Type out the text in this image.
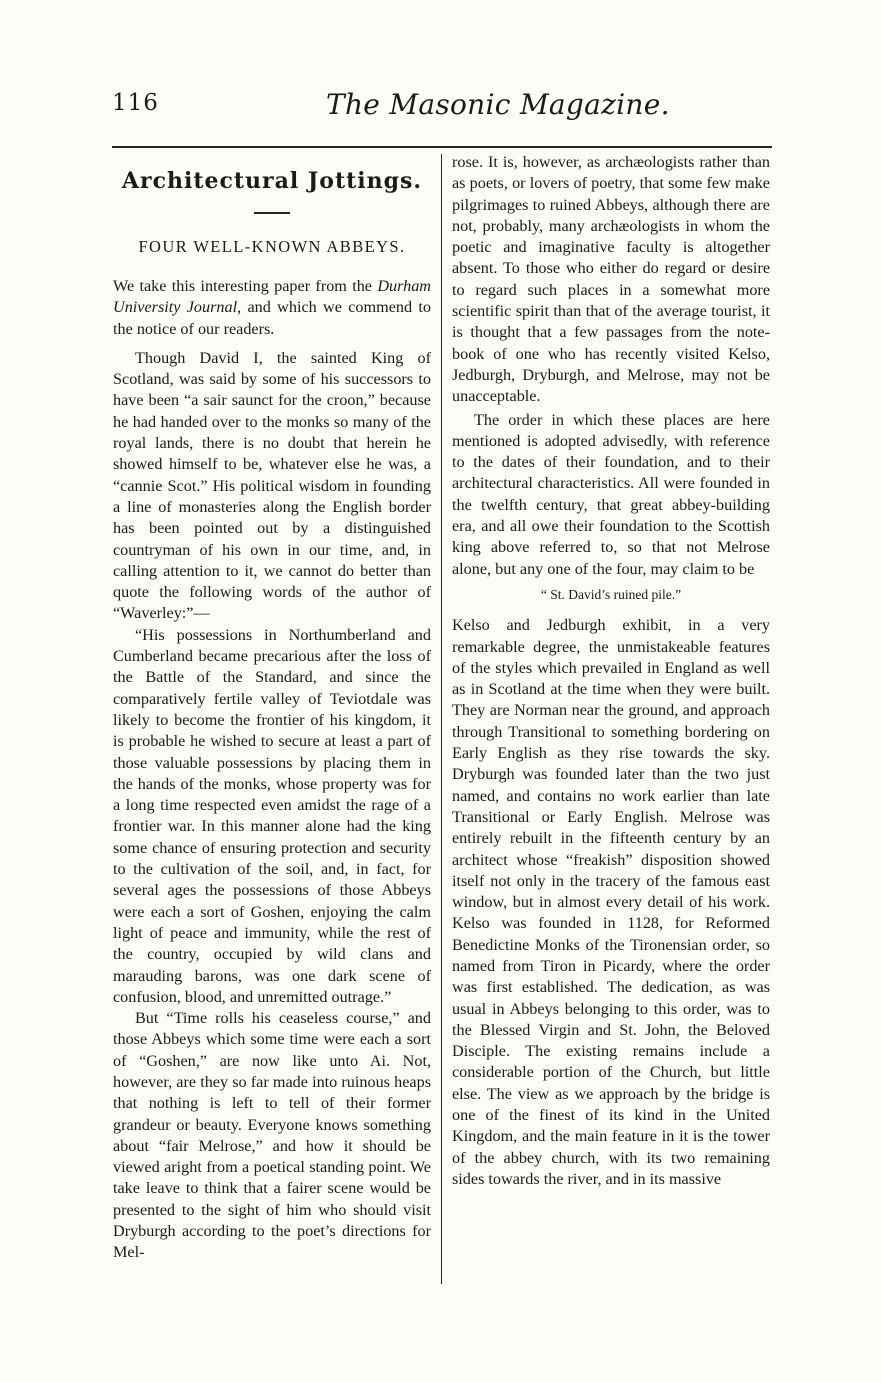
116	The Masonic Magazine.
Architectural Jottings.
FOUR WELL-KNOWN ABBEYS.

We take this interesting paper from the Durham University Journal, and which we commend to the notice of our readers.

Though David I, the sainted King of Scotland, was said by some of his successors to have been “a sair saunct for the croon,” because he had handed over to the monks so many of the royal lands, there is no doubt that herein he showed himself to be, whatever else he was, a “cannie Scot.” His political wisdom in founding a line of monasteries along the English border has been pointed out by a distinguished countryman of his own in our time, and, in calling attention to it, we cannot do better than quote the following words of the author of “Waverley:”—

“His possessions in Northumberland and Cumberland became precarious after the loss of the Battle of the Standard, and since the comparatively fertile valley of Teviotdale was likely to become the frontier of his kingdom, it is probable he wished to secure at least a part of those valuable possessions by placing them in the hands of the monks, whose property was for a long time respected even amidst the rage of a frontier war. In this manner alone had the king some chance of ensuring protection and security to the cultivation of the soil, and, in fact, for several ages the possessions of those Abbeys were each a sort of Goshen, enjoying the calm light of peace and immunity, while the rest of the country, occupied by wild clans and marauding barons, was one dark scene of confusion, blood, and unremitted outrage.”

But “Time rolls his ceaseless course,” and those Abbeys which some time were each a sort of “Goshen,” are now like unto Ai. Not, however, are they so far made into ruinous heaps that nothing is left to tell of their former grandeur or beauty. Everyone knows something about “fair Melrose,” and how it should be viewed aright from a poetical standing point. We take leave to think that a fairer scene would be presented to the sight of him who should visit Dryburgh according to the poet’s directions for Mel-

rose. It is, however, as archæologists rather than as poets, or lovers of poetry, that some few make pilgrimages to ruined Abbeys, although there are not, probably, many archæologists in whom the poetic and imaginative faculty is altogether absent. To those who either do regard or desire to regard such places in a somewhat more scientific spirit than that of the average tourist, it is thought that a few passages from the note-book of one who has recently visited Kelso, Jedburgh, Dryburgh, and Melrose, may not be unacceptable.

The order in which these places are here mentioned is adopted advisedly, with reference to the dates of their foundation, and to their architectural characteristics. All were founded in the twelfth century, that great abbey-building era, and all owe their foundation to the Scottish king above referred to, so that not Melrose alone, but any one of the four, may claim to be

“ St. David’s ruined pile.”

Kelso and Jedburgh exhibit, in a very remarkable degree, the unmistakeable features of the styles which prevailed in England as well as in Scotland at the time when they were built. They are Norman near the ground, and approach through Transitional to something bordering on Early English as they rise towards the sky. Dryburgh was founded later than the two just named, and contains no work earlier than late Transitional or Early English. Melrose was entirely rebuilt in the fifteenth century by an architect whose “freakish” disposition showed itself not only in the tracery of the famous east window, but in almost every detail of his work. Kelso was founded in 1128, for Reformed Benedictine Monks of the Tironensian order, so named from Tiron in Picardy, where the order was first established. The dedication, as was usual in Abbeys belonging to this order, was to the Blessed Virgin and St. John, the Beloved Disciple. The existing remains include a considerable portion of the Church, but little else. The view as we approach by the bridge is one of the finest of its kind in the United Kingdom, and the main feature in it is the tower of the abbey church, with its two remaining sides towards the river, and in its massive
